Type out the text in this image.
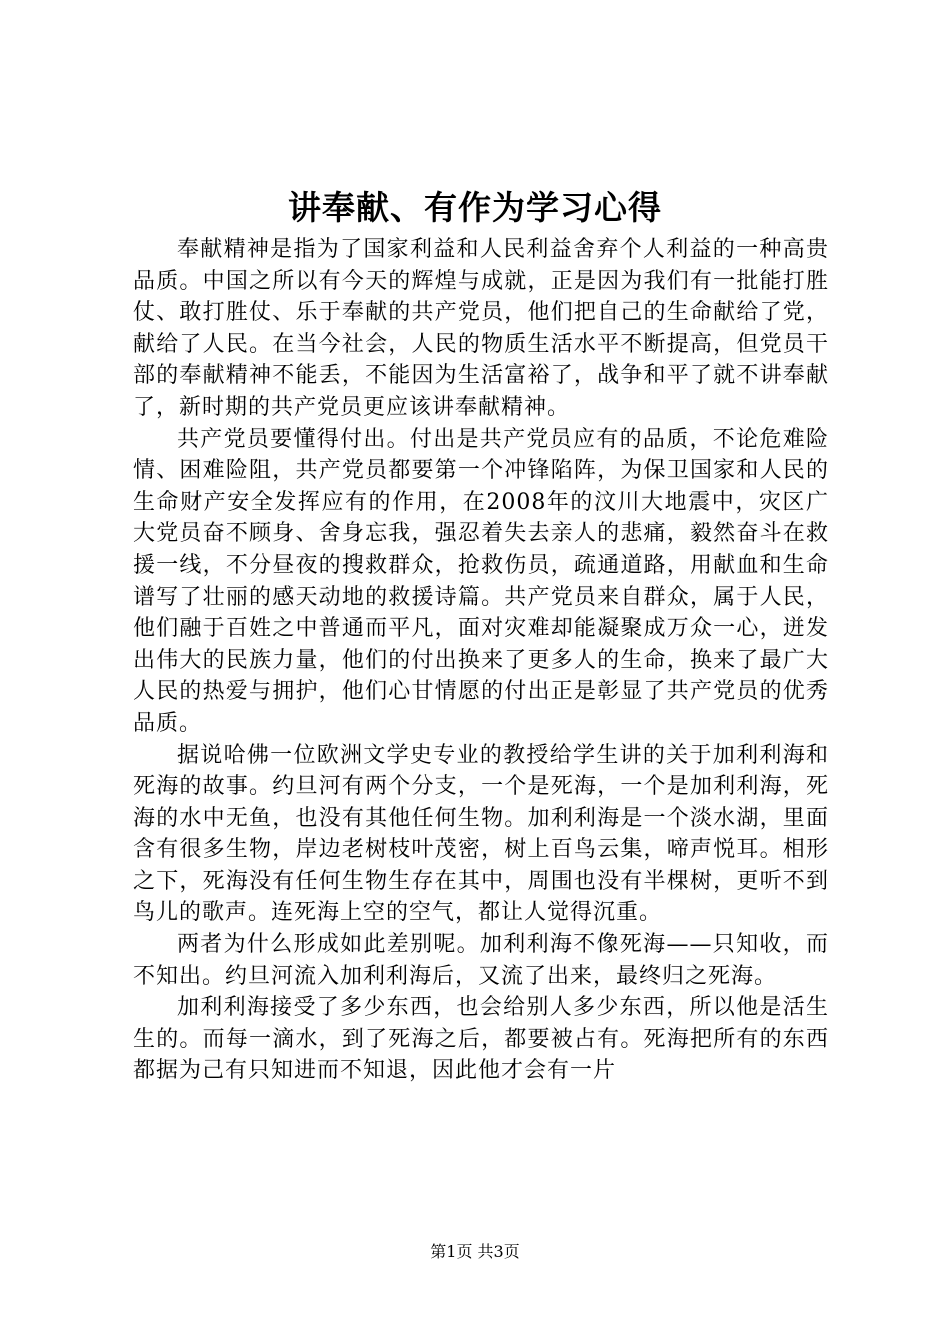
讲奉献、有作为学习心得

奉献精神是指为了国家利益和人民利益舍弃个人利益的一种高贵品质。中国之所以有今天的辉煌与成就，正是因为我们有一批能打胜仗、敢打胜仗、乐于奉献的共产党员，他们把自己的生命献给了党，献给了人民。在当今社会，人民的物质生活水平不断提高，但党员干部的奉献精神不能丢，不能因为生活富裕了，战争和平了就不讲奉献了，新时期的共产党员更应该讲奉献精神。

共产党员要懂得付出。付出是共产党员应有的品质，不论危难险情、困难险阻，共产党员都要第一个冲锋陷阵，为保卫国家和人民的生命财产安全发挥应有的作用，在2008年的汶川大地震中，灾区广大党员奋不顾身、舍身忘我，强忍着失去亲人的悲痛，毅然奋斗在救援一线，不分昼夜的搜救群众，抢救伤员，疏通道路，用献血和生命谱写了壮丽的感天动地的救援诗篇。共产党员来自群众，属于人民，他们融于百姓之中普通而平凡，面对灾难却能凝聚成万众一心，迸发出伟大的民族力量，他们的付出换来了更多人的生命，换来了最广大人民的热爱与拥护，他们心甘情愿的付出正是彰显了共产党员的优秀品质。

据说哈佛一位欧洲文学史专业的教授给学生讲的关于加利利海和死海的故事。约旦河有两个分支，一个是死海，一个是加利利海，死海的水中无鱼，也没有其他任何生物。加利利海是一个淡水湖，里面含有很多生物，岸边老树枝叶茂密，树上百鸟云集，啼声悦耳。相形之下，死海没有任何生物生存在其中，周围也没有半棵树，更听不到鸟儿的歌声。连死海上空的空气，都让人觉得沉重。

两者为什么形成如此差别呢。加利利海不像死海——只知收，而不知出。约旦河流入加利利海后，又流了出来，最终归之死海。

加利利海接受了多少东西，也会给别人多少东西，所以他是活生生的。而每一滴水，到了死海之后，都要被占有。死海把所有的东西都据为己有只知进而不知退，因此他才会有一片

第1页 共3页
